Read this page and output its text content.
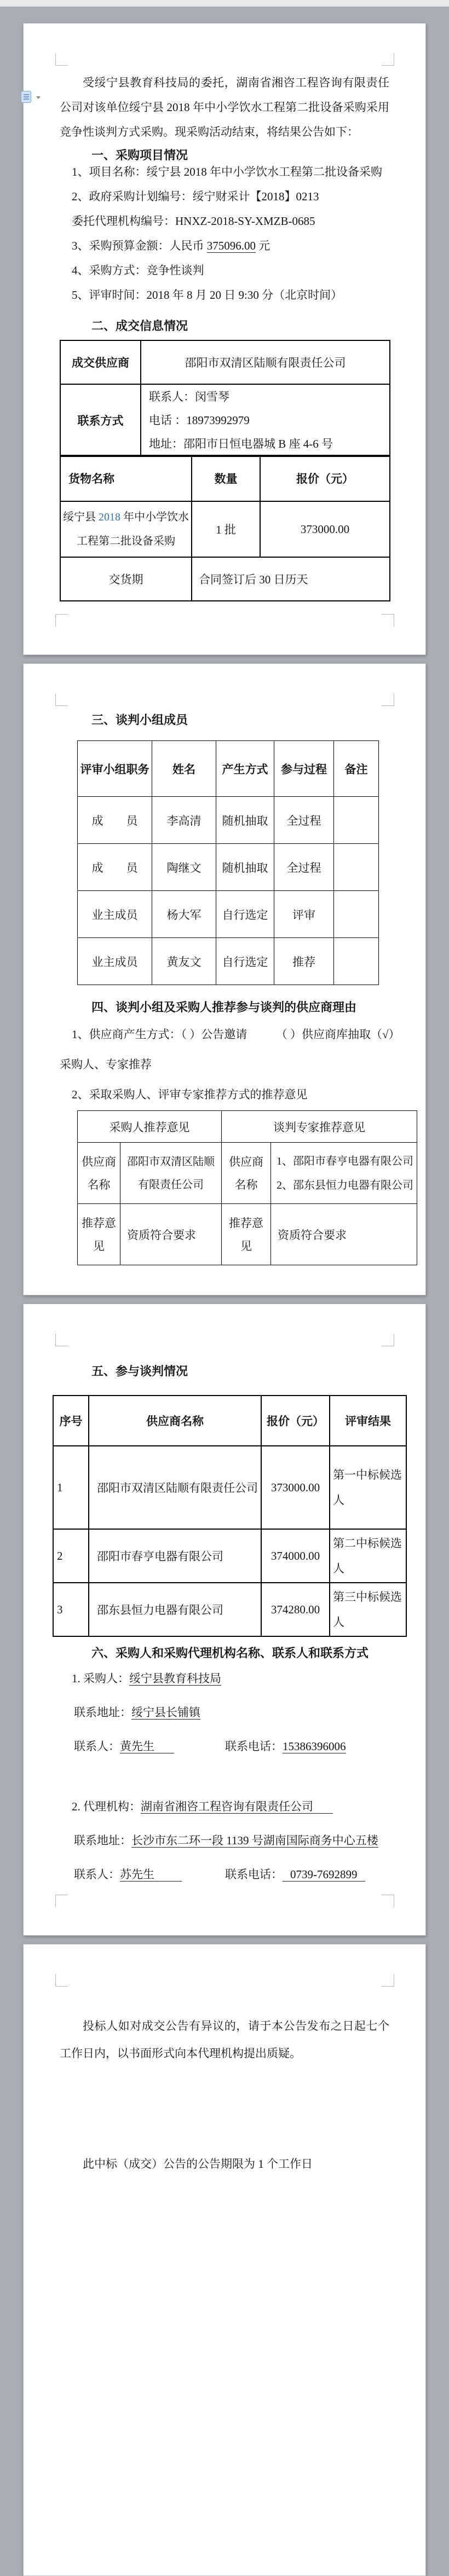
受绥宁县教育科技局的委托，湖南省湘咨工程咨询有限责任公司对该单位绥宁县 2018 年中小学饮水工程第二批设备采购采用竞争性谈判方式采购。现采购活动结束，将结果公告如下：
一、采购项目情况
1、项目名称：绥宁县 2018 年中小学饮水工程第二批设备采购
2、政府采购计划编号：绥宁财采计【2018】0213
委托代理机构编号：HNXZ-2018-SY-XMZB-0685
3、采购预算金额：人民币 375096.00 元
4、采购方式：竞争性谈判
5、评审时间：2018 年 8 月 20 日 9:30 分（北京时间）
二、成交信息情况
成交供应商	邵阳市双清区陆顺有限责任公司
联系方式	联系人：闵雪琴
电话 ：18973992979
地址：邵阳市日恒电器城 B 座 4-6 号
货物名称	数量	报价（元）
绥宁县 2018 年中小学饮水工程第二批设备采购	1 批	373000.00
交货期	合同签订后 30 日历天	
三、谈判小组成员
评审小组职务	姓名	产生方式	参与过程	备注
成　　员	李高清	随机抽取	全过程	
成　　员	陶继文	随机抽取	全过程	
业主成员	杨大军	自行选定	评审	
业主成员	黄友文	自行选定	推荐	
四、谈判小组及采购人推荐参与谈判的供应商理由
1、供应商产生方式：（ ）公告邀请　　　（ ）供应商库抽取（√）
采购人、专家推荐
2、采取采购人、评审专家推荐方式的推荐意见
采购人推荐意见		谈判专家推荐意见	
供应商名称	邵阳市双清区陆顺有限责任公司	供应商名称	1、邵阳市春亨电器有限公司
2、邵东县恒力电器有限公司

推荐意见	资质符合要求	推荐意见	资质符合要求
五、参与谈判情况
序号	供应商名称	报价（元）	评审结果
1	邵阳市双清区陆顺有限责任公司	373000.00	第一中标候选人
2	邵阳市春亨电器有限公司	374000.00	第二中标候选人
3	邵东县恒力电器有限公司	374280.00	第三中标候选人
六、采购人和采购代理机构名称、联系人和联系方式
1. 采购人：绥宁县教育科技局
联系地址：绥宁县长铺镇
联系人：黄先生	联系电话：15386396006
2. 代理机构：湖南省湘咨工程咨询有限责任公司
联系地址：长沙市东二环一段 1139 号湖南国际商务中心五楼
联系人：苏先生	联系电话： 0739-7692899
投标人如对成交公告有异议的，请于本公告发布之日起七个工作日内，以书面形式向本代理机构提出质疑。
此中标（成交）公告的公告期限为 1 个工作日
